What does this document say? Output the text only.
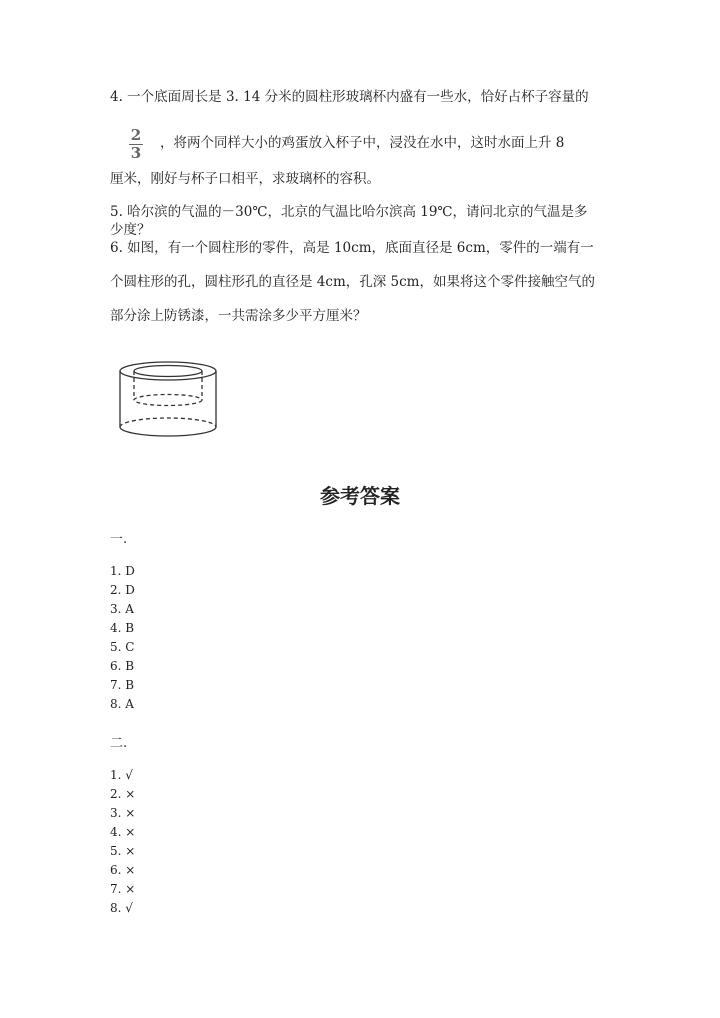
4. 一个底面周长是 3. 14 分米的圆柱形玻璃杯内盛有一些水，恰好占杯子容量的
2
3
，将两个同样大小的鸡蛋放入杯子中，浸没在水中，这时水面上升 8
厘米，刚好与杯子口相平，求玻璃杯的容积。
5. 哈尔滨的气温的－30℃，北京的气温比哈尔滨高 19℃，请问北京的气温是多
少度？
6. 如图，有一个圆柱形的零件，高是 10cm，底面直径是 6cm，零件的一端有一
个圆柱形的孔，圆柱形孔的直径是 4cm，孔深 5cm，如果将这个零件接触空气的
部分涂上防锈漆，一共需涂多少平方厘米？
参考答案
一.
1. D
2. D
3. A
4. B
5. C
6. B
7. B
8. A
二.
1. √
2. ×
3. ×
4. ×
5. ×
6. ×
7. ×
8. √
